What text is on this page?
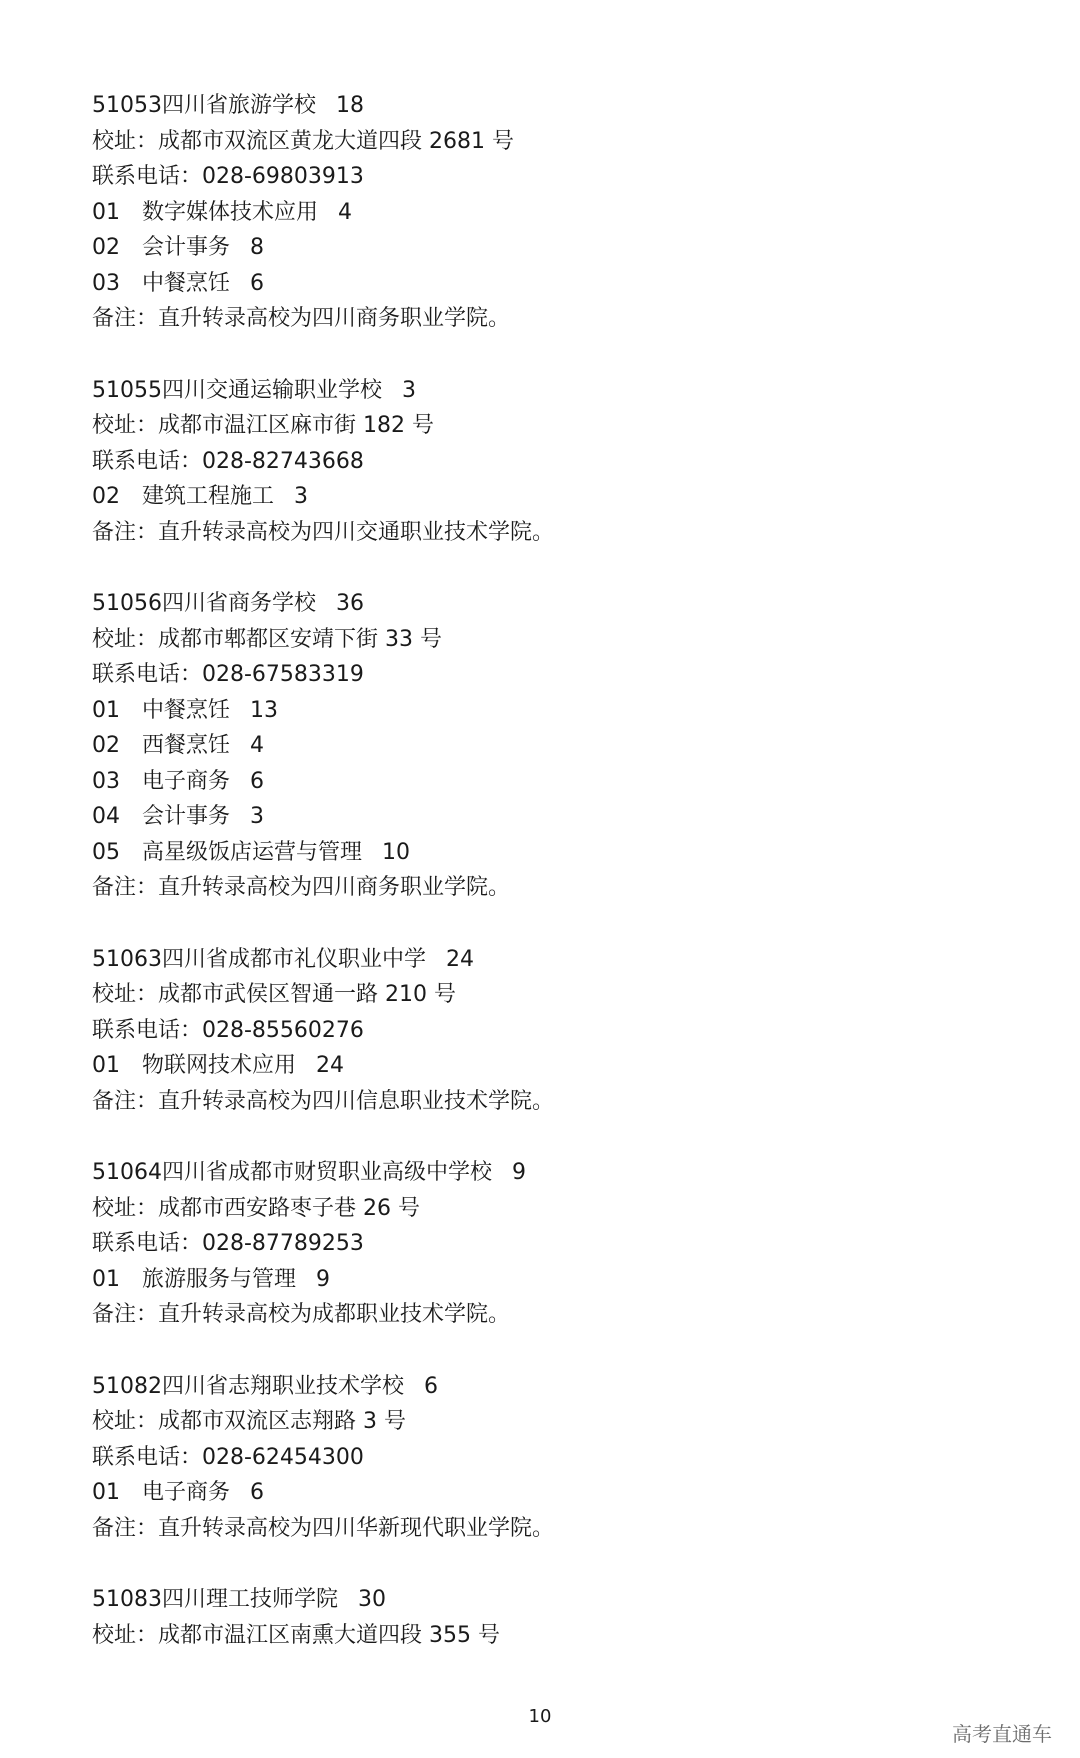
51053四川省旅游学校 18
校址：成都市双流区黄龙大道四段 2681 号
联系电话：028-69803913
01 数字媒体技术应用 4
02 会计事务 8
03 中餐烹饪 6
备注：直升转录高校为四川商务职业学院。
51055四川交通运输职业学校 3
校址：成都市温江区麻市街 182 号
联系电话：028-82743668
02 建筑工程施工 3
备注：直升转录高校为四川交通职业技术学院。
51056四川省商务学校 36
校址：成都市郫都区安靖下街 33 号
联系电话：028-67583319
01 中餐烹饪 13
02 西餐烹饪 4
03 电子商务 6
04 会计事务 3
05 高星级饭店运营与管理 10
备注：直升转录高校为四川商务职业学院。
51063四川省成都市礼仪职业中学 24
校址：成都市武侯区智通一路 210 号
联系电话：028-85560276
01 物联网技术应用 24
备注：直升转录高校为四川信息职业技术学院。
51064四川省成都市财贸职业高级中学校 9
校址：成都市西安路枣子巷 26 号
联系电话：028-87789253
01 旅游服务与管理 9
备注：直升转录高校为成都职业技术学院。
51082四川省志翔职业技术学校 6
校址：成都市双流区志翔路 3 号
联系电话：028-62454300
01 电子商务 6
备注：直升转录高校为四川华新现代职业学院。
51083四川理工技师学院 30
校址：成都市温江区南熏大道四段 355 号
10
高考直通车
